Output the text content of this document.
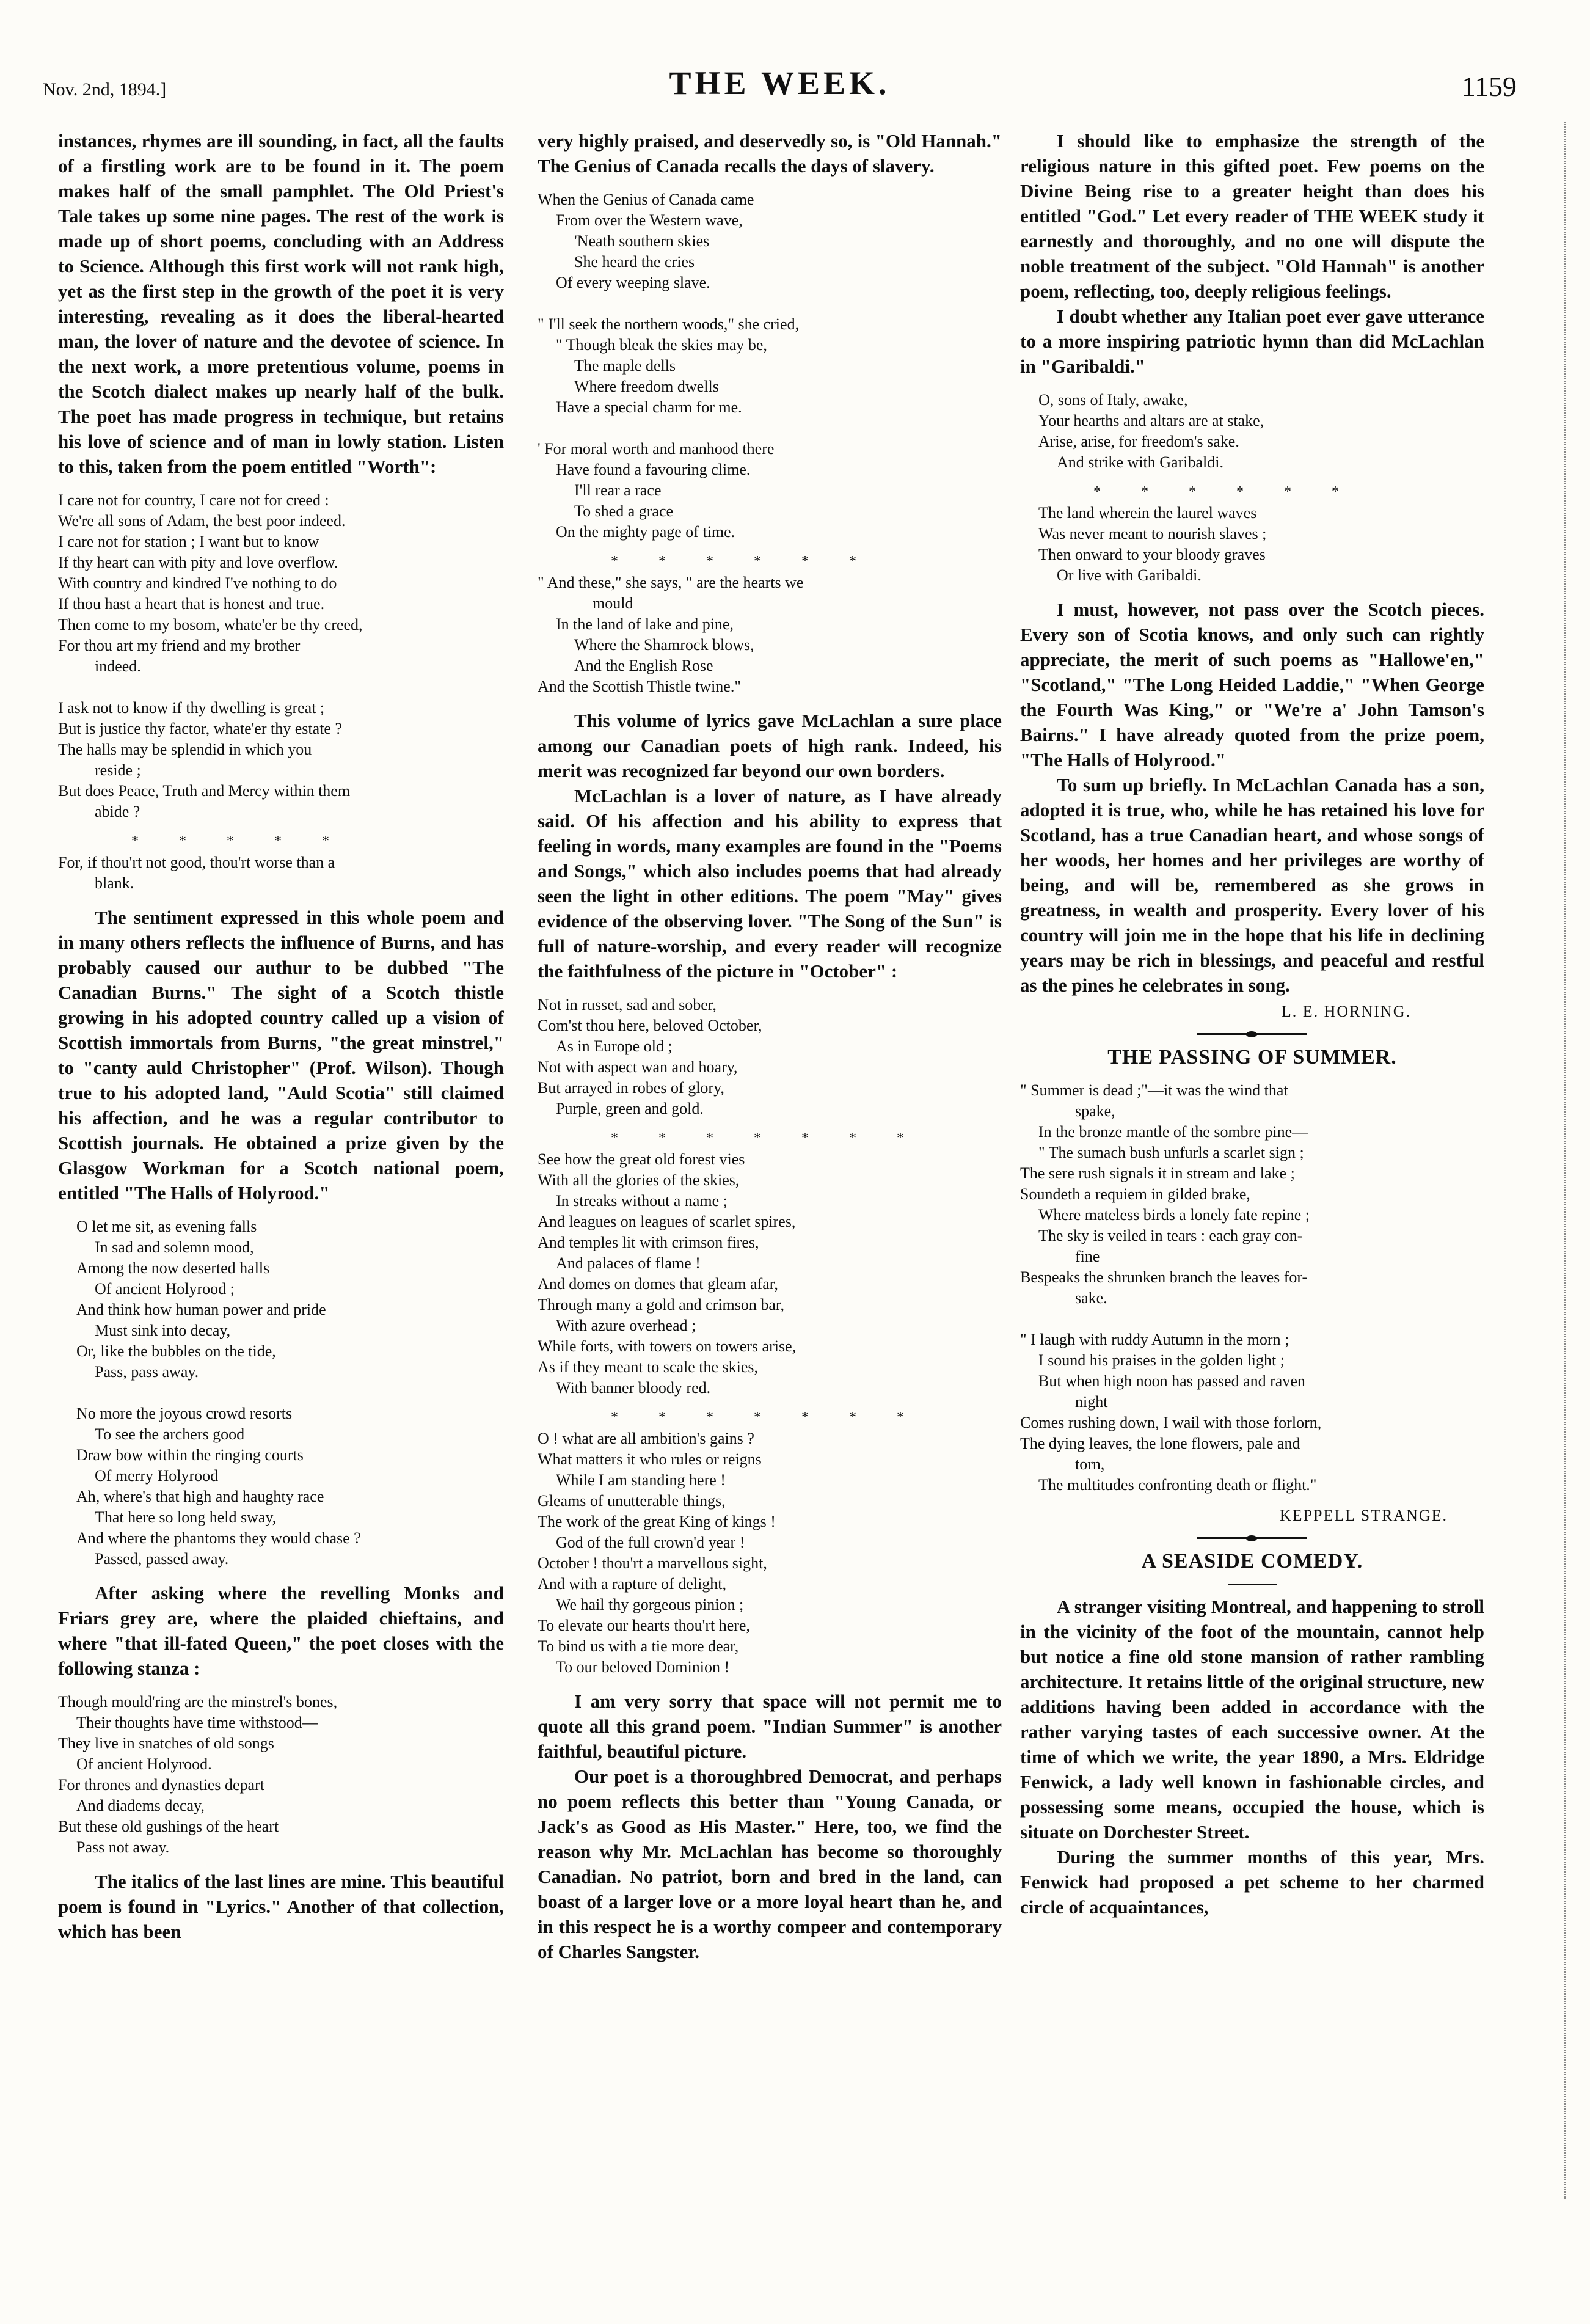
Nov. 2nd, 1894.]	THE WEEK.	1159

instances, rhymes are ill sounding, in fact, all the faults of a firstling work are to be found in it. The poem makes half of the small pamphlet. The Old Priest's Tale takes up some nine pages. The rest of the work is made up of short poems, concluding with an Address to Science. Although this first work will not rank high, yet as the first step in the growth of the poet it is very interesting, revealing as it does the liberal-hearted man, the lover of nature and the devotee of science. In the next work, a more pretentious volume, poems in the Scotch dialect makes up nearly half of the bulk. The poet has made progress in technique, but retains his love of science and of man in lowly station. Listen to this, taken from the poem entitled "Worth":

I care not for country, I care not for creed :
We're all sons of Adam, the best poor indeed.
I care not for station ; I want but to know
If thy heart can with pity and love overflow.
With country and kindred I've nothing to do
If thou hast a heart that is honest and true.
Then come to my bosom, whate'er be thy creed,
For thou art my friend and my brother
indeed.

I ask not to know if thy dwelling is great ;
But is justice thy factor, whate'er thy estate ?
The halls may be splendid in which you
reside ;
But does Peace, Truth and Mercy within them
abide ?
* * * * *
For, if thou'rt not good, thou'rt worse than a
blank.

The sentiment expressed in this whole poem and in many others reflects the influence of Burns, and has probably caused our authur to be dubbed "The Canadian Burns." The sight of a Scotch thistle growing in his adopted country called up a vision of Scottish immortals from Burns, "the great minstrel," to "canty auld Christopher" (Prof. Wilson). Though true to his adopted land, "Auld Scotia" still claimed his affection, and he was a regular contributor to Scottish journals. He obtained a prize given by the Glasgow Workman for a Scotch national poem, entitled "The Halls of Holyrood."

O let me sit, as evening falls
In sad and solemn mood,
Among the now deserted halls
Of ancient Holyrood ;
And think how human power and pride
Must sink into decay,
Or, like the bubbles on the tide,
Pass, pass away.

No more the joyous crowd resorts
To see the archers good
Draw bow within the ringing courts
Of merry Holyrood
Ah, where's that high and haughty race
That here so long held sway,
And where the phantoms they would chase ?
Passed, passed away.

After asking where the revelling Monks and Friars grey are, where the plaided chieftains, and where "that ill-fated Queen," the poet closes with the following stanza :

Though mould'ring are the minstrel's bones,
Their thoughts have time withstood—
They live in snatches of old songs
Of ancient Holyrood.
For thrones and dynasties depart
And diadems decay,
But these old gushings of the heart
Pass not away.

The italics of the last lines are mine. This beautiful poem is found in "Lyrics." Another of that collection, which has been

very highly praised, and deservedly so, is "Old Hannah." The Genius of Canada recalls the days of slavery.

When the Genius of Canada came
From over the Western wave,
'Neath southern skies
She heard the cries
Of every weeping slave.

" I'll seek the northern woods," she cried,
" Though bleak the skies may be,
The maple dells
Where freedom dwells
Have a special charm for me.

' For moral worth and manhood there
Have found a favouring clime.
I'll rear a race
To shed a grace
On the mighty page of time.
* * * * * *
" And these," she says, " are the hearts we
mould
In the land of lake and pine,
Where the Shamrock blows,
And the English Rose
And the Scottish Thistle twine."

This volume of lyrics gave McLachlan a sure place among our Canadian poets of high rank. Indeed, his merit was recognized far beyond our own borders.

McLachlan is a lover of nature, as I have already said. Of his affection and his ability to express that feeling in words, many examples are found in the "Poems and Songs," which also includes poems that had already seen the light in other editions. The poem "May" gives evidence of the observing lover. "The Song of the Sun" is full of nature-worship, and every reader will recognize the faithfulness of the picture in "October" :

Not in russet, sad and sober,
Com'st thou here, beloved October,
As in Europe old ;
Not with aspect wan and hoary,
But arrayed in robes of glory,
Purple, green and gold.
* * * * * * *
See how the great old forest vies
With all the glories of the skies,
In streaks without a name ;
And leagues on leagues of scarlet spires,
And temples lit with crimson fires,
And palaces of flame !
And domes on domes that gleam afar,
Through many a gold and crimson bar,
With azure overhead ;
While forts, with towers on towers arise,
As if they meant to scale the skies,
With banner bloody red.
* * * * * * *
O ! what are all ambition's gains ?
What matters it who rules or reigns
While I am standing here !
Gleams of unutterable things,
The work of the great King of kings !
God of the full crown'd year !
October ! thou'rt a marvellous sight,
And with a rapture of delight,
We hail thy gorgeous pinion ;
To elevate our hearts thou'rt here,
To bind us with a tie more dear,
To our beloved Dominion !

I am very sorry that space will not permit me to quote all this grand poem. "Indian Summer" is another faithful, beautiful picture.

Our poet is a thoroughbred Democrat, and perhaps no poem reflects this better than "Young Canada, or Jack's as Good as His Master." Here, too, we find the reason why Mr. McLachlan has become so thoroughly Canadian. No patriot, born and bred in the land, can boast of a larger love or a more loyal heart than he, and in this respect he is a worthy compeer and contemporary of Charles Sangster.

I should like to emphasize the strength of the religious nature in this gifted poet. Few poems on the Divine Being rise to a greater height than does his entitled "God." Let every reader of THE WEEK study it earnestly and thoroughly, and no one will dispute the noble treatment of the subject. "Old Hannah" is another poem, reflecting, too, deeply religious feelings.

I doubt whether any Italian poet ever gave utterance to a more inspiring patriotic hymn than did McLachlan in "Garibaldi."

O, sons of Italy, awake,
Your hearths and altars are at stake,
Arise, arise, for freedom's sake.
And strike with Garibaldi.
* * * * * *
The land wherein the laurel waves
Was never meant to nourish slaves ;
Then onward to your bloody graves
Or live with Garibaldi.

I must, however, not pass over the Scotch pieces. Every son of Scotia knows, and only such can rightly appreciate, the merit of such poems as "Hallowe'en," "Scotland," "The Long Heided Laddie," "When George the Fourth Was King," or "We're a' John Tamson's Bairns." I have already quoted from the prize poem, "The Halls of Holyrood."

To sum up briefly. In McLachlan Canada has a son, adopted it is true, who, while he has retained his love for Scotland, has a true Canadian heart, and whose songs of her woods, her homes and her privileges are worthy of being, and will be, remembered as she grows in greatness, in wealth and prosperity. Every lover of his country will join me in the hope that his life in declining years may be rich in blessings, and peaceful and restful as the pines he celebrates in song.

L. E. HORNING.
THE PASSING OF SUMMER.
" Summer is dead ;"—it was the wind that
spake,
In the bronze mantle of the sombre pine—
" The sumach bush unfurls a scarlet sign ;
The sere rush signals it in stream and lake ;
Soundeth a requiem in gilded brake,
Where mateless birds a lonely fate repine ;
The sky is veiled in tears : each gray con-
fine
Bespeaks the shrunken branch the leaves for-
sake.

" I laugh with ruddy Autumn in the morn ;
I sound his praises in the golden light ;
But when high noon has passed and raven
night
Comes rushing down, I wail with those forlorn,
The dying leaves, the lone flowers, pale and
torn,
The multitudes confronting death or flight."
KEPPELL STRANGE.
A SEASIDE COMEDY.

A stranger visiting Montreal, and happening to stroll in the vicinity of the foot of the mountain, cannot help but notice a fine old stone mansion of rather rambling architecture. It retains little of the original structure, new additions having been added in accordance with the rather varying tastes of each successive owner. At the time of which we write, the year 1890, a Mrs. Eldridge Fenwick, a lady well known in fashionable circles, and possessing some means, occupied the house, which is situate on Dorchester Street.

During the summer months of this year, Mrs. Fenwick had proposed a pet scheme to her charmed circle of acquaintances,
